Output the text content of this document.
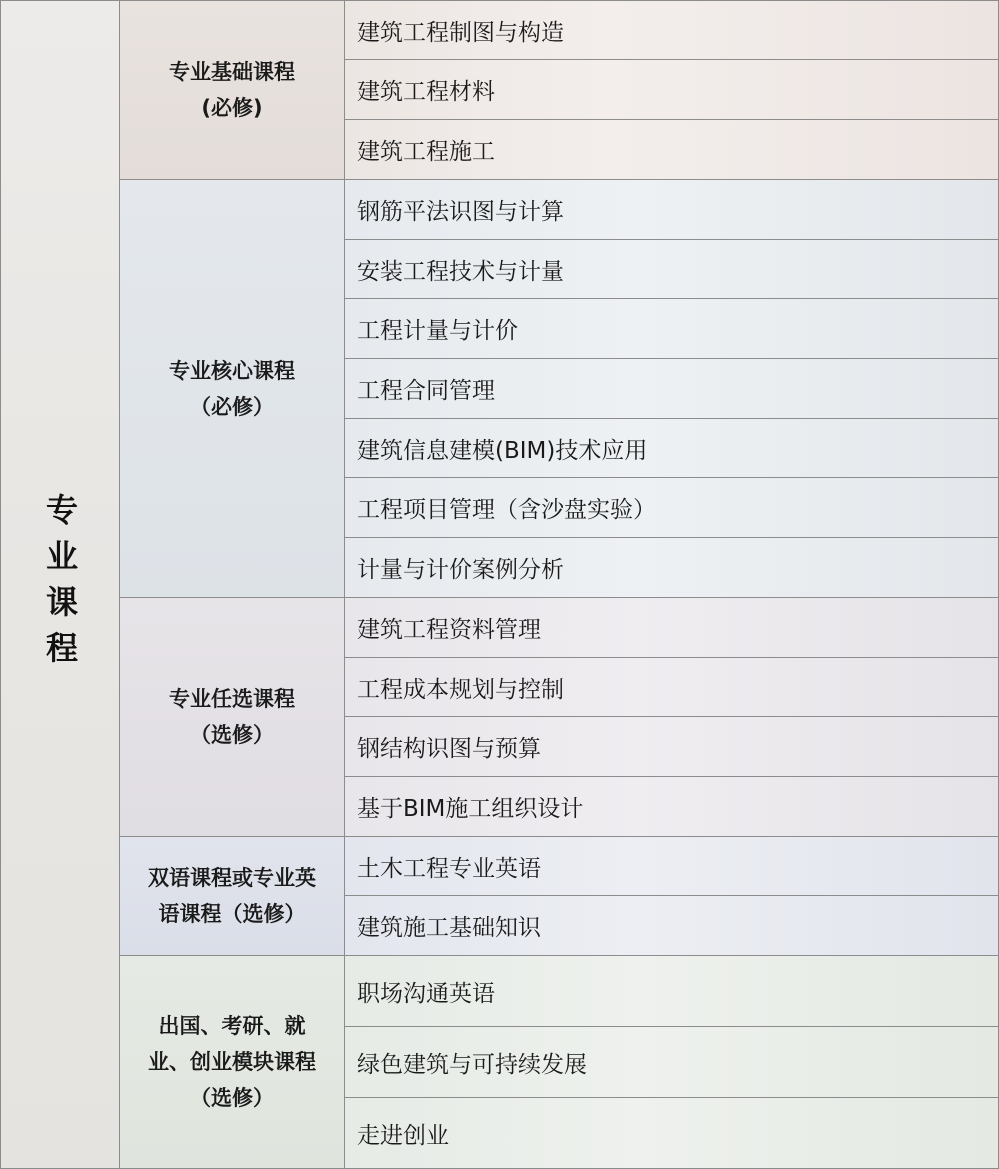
专业课程
专业基础课程
(必修)
建筑工程制图与构造
建筑工程材料
建筑工程施工
专业核心课程
（必修）
钢筋平法识图与计算
安装工程技术与计量
工程计量与计价
工程合同管理
建筑信息建模(BIM)技术应用
工程项目管理（含沙盘实验）
计量与计价案例分析
专业任选课程
（选修）
建筑工程资料管理
工程成本规划与控制
钢结构识图与预算
基于BIM施工组织设计
双语课程或专业英
语课程（选修）
土木工程专业英语
建筑施工基础知识
出国、考研、就
业、创业模块课程
（选修）
职场沟通英语
绿色建筑与可持续发展
走进创业
